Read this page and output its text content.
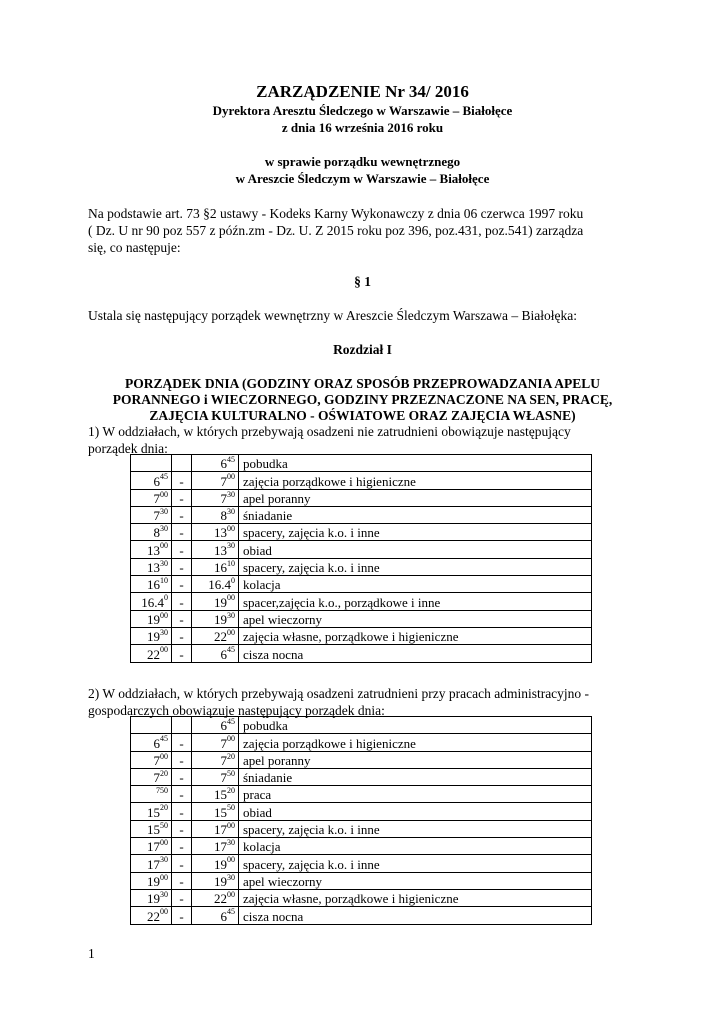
ZARZĄDZENIE Nr 34/ 2016
Dyrektora Aresztu Śledczego w Warszawie – Białołęce
z dnia 16 września 2016 roku
w sprawie porządku wewnętrznego
w Areszcie Śledczym w Warszawie – Białołęce
Na podstawie art. 73 §2 ustawy - Kodeks Karny Wykonawczy z dnia 06 czerwca 1997 roku
( Dz. U nr 90 poz 557 z późn.zm - Dz. U. Z 2015 roku poz 396, poz.431, poz.541) zarządza
się, co następuje:
§ 1
Ustala się następujący porządek wewnętrzny w Areszcie Śledczym Warszawa – Białołęka:
Rozdział I
PORZĄDEK DNIA (GODZINY ORAZ SPOSÓB PRZEPROWADZANIA APELU
PORANNEGO i WIECZORNEGO, GODZINY PRZEZNACZONE NA SEN, PRACĘ,
ZAJĘCIA KULTURALNO - OŚWIATOWE ORAZ ZAJĘCIA WŁASNE)
1) W oddziałach, w których przebywają osadzeni nie zatrudnieni obowiązuje następujący
porządek dnia:
		$6^{45}$	pobudka
$6^{45}$	-	$7^{00}$	zajęcia porządkowe i higieniczne
$7^{00}$	-	$7^{30}$	apel poranny
$7^{30}$	-	$8^{30}$	śniadanie
$8^{30}$	-	$13^{00}$	spacery, zajęcia k.o. i inne
$13^{00}$	-	$13^{30}$	obiad
$13^{30}$	-	$16^{10}$	spacery, zajęcia k.o. i inne
$16^{10}$	-	16.4$^0$	kolacja
16.4$^0$	-	$19^{00}$	spacer,zajęcia k.o., porządkowe i inne
$19^{00}$	-	$19^{30}$	apel wieczorny
$19^{30}$	-	$22^{00}$	zajęcia własne, porządkowe i higieniczne
$22^{00}$	-	$6^{45}$	cisza nocna
2) W oddziałach, w których przebywają osadzeni zatrudnieni przy pracach administracyjno -
gospodarczych obowiązuje następujący porządek dnia:
		$6^{45}$	pobudka
$6^{45}$	-	$7^{00}$	zajęcia porządkowe i higieniczne
$7^{00}$	-	$7^{20}$	apel poranny
$7^{20}$	-	$7^{50}$	śniadanie
$^{750}$	-	$15^{20}$	praca
$15^{20}$	-	$15^{50}$	obiad
$15^{50}$	-	$17^{00}$	spacery, zajęcia k.o. i inne
$17^{00}$	-	$17^{30}$	kolacja
$17^{30}$	-	$19^{00}$	spacery, zajęcia k.o. i inne
$19^{00}$	-	$19^{30}$	apel wieczorny
$19^{30}$	-	$22^{00}$	zajęcia własne, porządkowe i higieniczne
$22^{00}$	-	$6^{45}$	cisza nocna
1
